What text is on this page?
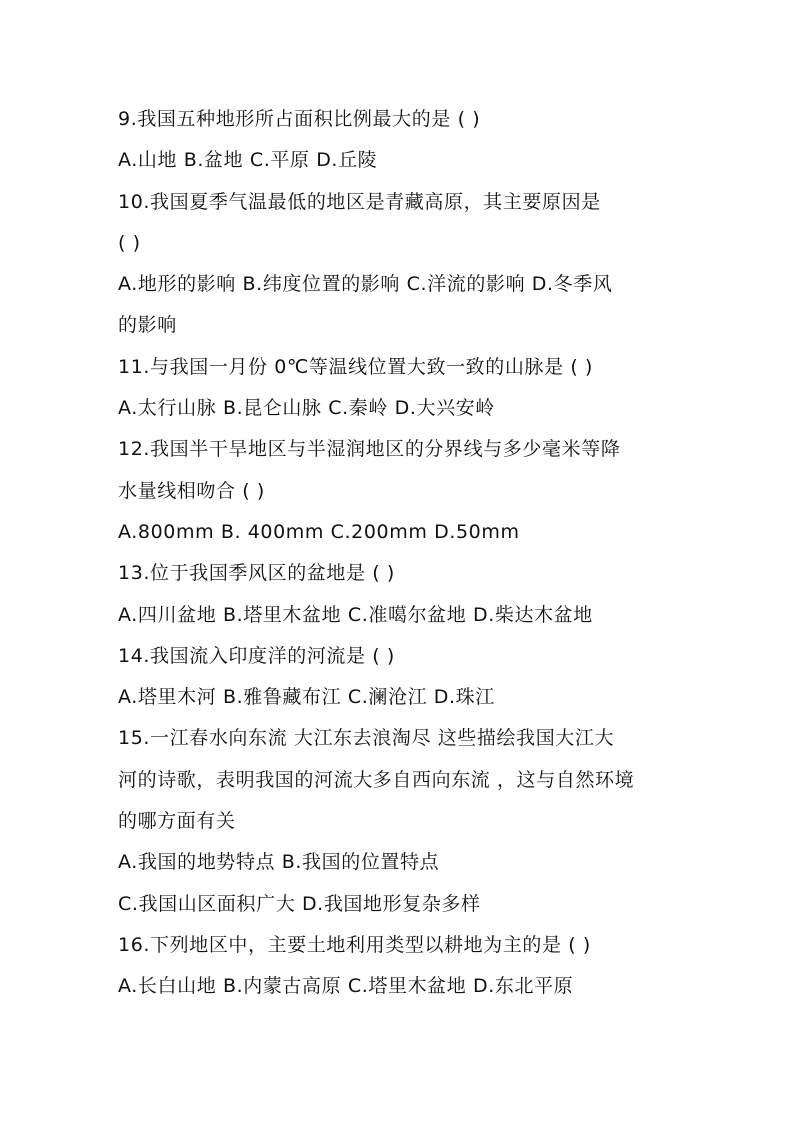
9.我国五种地形所占面积比例最大的是 ( )
A.山地 B.盆地 C.平原 D.丘陵
10.我国夏季气温最低的地区是青藏高原，其主要原因是
( )
A.地形的影响 B.纬度位置的影响 C.洋流的影响 D.冬季风
的影响
11.与我国一月份 0℃等温线位置大致一致的山脉是 ( )
A.太行山脉 B.昆仑山脉 C.秦岭 D.大兴安岭
12.我国半干旱地区与半湿润地区的分界线与多少毫米等降
水量线相吻合 ( )
A.800mm B. 400mm C.200mm D.50mm
13.位于我国季风区的盆地是 ( )
A.四川盆地 B.塔里木盆地 C.准噶尔盆地 D.柴达木盆地
14.我国流入印度洋的河流是 ( )
A.塔里木河 B.雅鲁藏布江 C.澜沧江 D.珠江
15.一江春水向东流 大江东去浪淘尽 这些描绘我国大江大
河的诗歌，表明我国的河流大多自西向东流 ，这与自然环境
的哪方面有关
A.我国的地势特点 B.我国的位置特点
C.我国山区面积广大 D.我国地形复杂多样
16.下列地区中，主要土地利用类型以耕地为主的是 ( )
A.长白山地 B.内蒙古高原 C.塔里木盆地 D.东北平原
